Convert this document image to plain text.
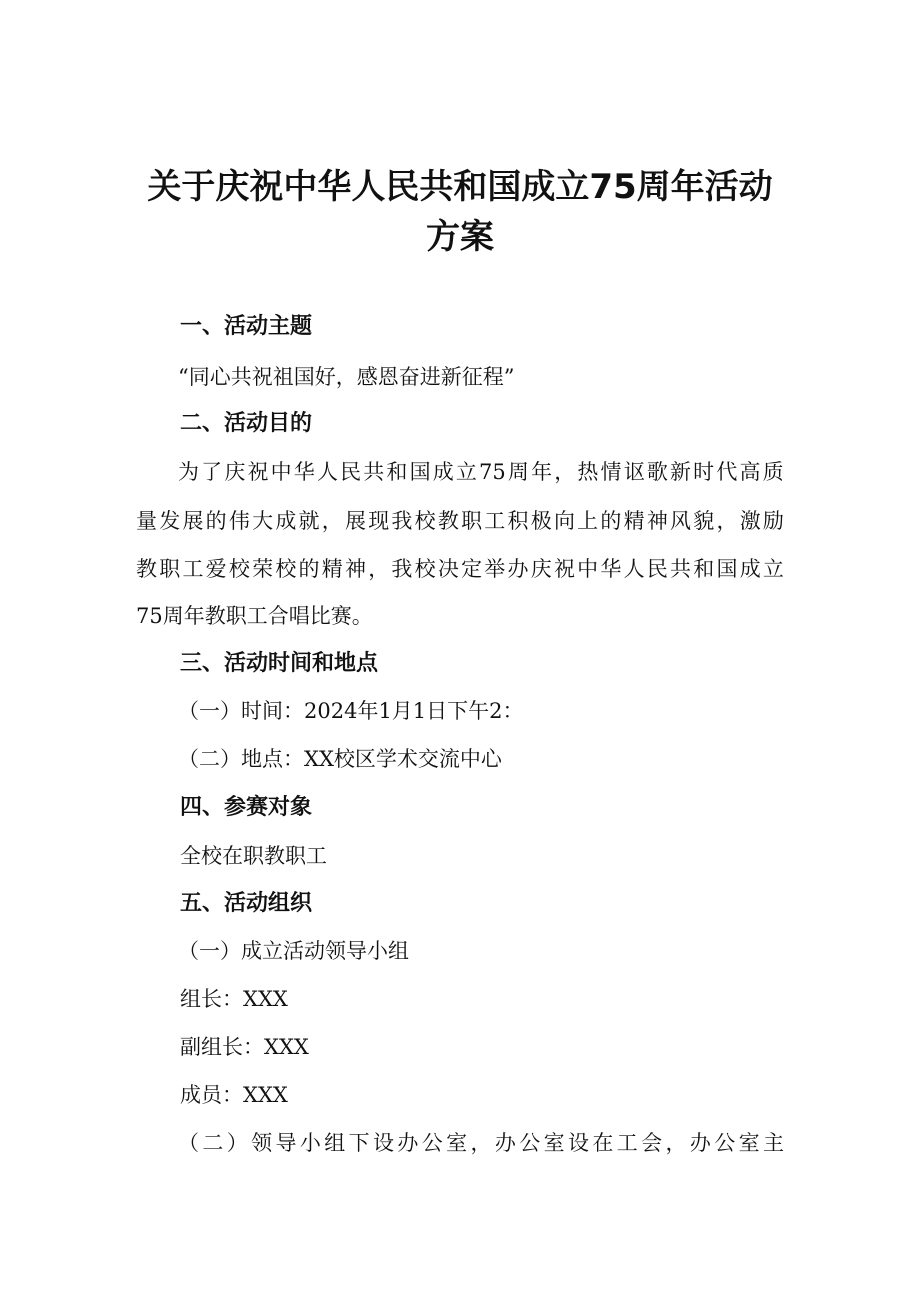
关于庆祝中华人民共和国成立75周年活动
方案
一、活动主题
“同心共祝祖国好，感恩奋进新征程”
二、活动目的
为 了 庆 祝 中 华 人 民 共 和 国 成 立 75 周 年 ， 热 情 讴 歌 新 时 代 高 质
量 发 展 的 伟 大 成 就 ， 展 现 我 校 教 职 工 积 极 向 上 的 精 神 风 貌 ， 激 励
教 职 工 爱 校 荣 校 的 精 神 ， 我 校 决 定 举 办 庆 祝 中 华 人 民 共 和 国 成 立
75周年教职工合唱比赛。
三、活动时间和地点
（一）时间：2024年1月1日下午2：
（二）地点：XX校区学术交流中心
四、参赛对象
全校在职教职工
五、活动组织
（一）成立活动领导小组
组长：XXX
副组长：XXX
成员：XXX
（ 二 ） 领 导 小 组 下 设 办 公 室 ， 办 公 室 设 在 工 会 ， 办 公 室 主
